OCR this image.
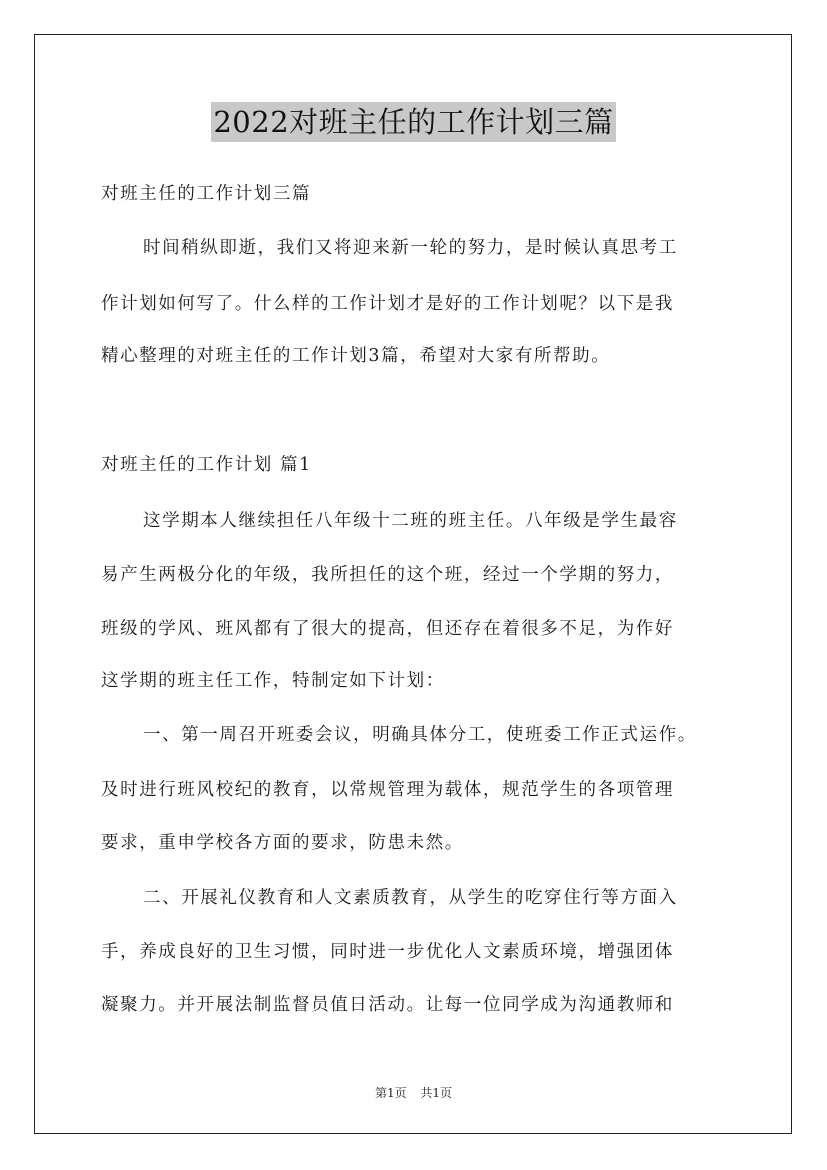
2022对班主任的工作计划三篇
对班主任的工作计划三篇
时间稍纵即逝，我们又将迎来新一轮的努力，是时候认真思考工
作计划如何写了。什么样的工作计划才是好的工作计划呢？以下是我
精心整理的对班主任的工作计划3篇，希望对大家有所帮助。
对班主任的工作计划 篇1
这学期本人继续担任八年级十二班的班主任。八年级是学生最容
易产生两极分化的年级，我所担任的这个班，经过一个学期的努力，
班级的学风、班风都有了很大的提高，但还存在着很多不足，为作好
这学期的班主任工作，特制定如下计划：
一、第一周召开班委会议，明确具体分工，使班委工作正式运作。
及时进行班风校纪的教育，以常规管理为载体，规范学生的各项管理
要求，重申学校各方面的要求，防患未然。
二、开展礼仪教育和人文素质教育，从学生的吃穿住行等方面入
手，养成良好的卫生习惯，同时进一步优化人文素质环境，增强团体
凝聚力。并开展法制监督员值日活动。让每一位同学成为沟通教师和
第1页 共1页
